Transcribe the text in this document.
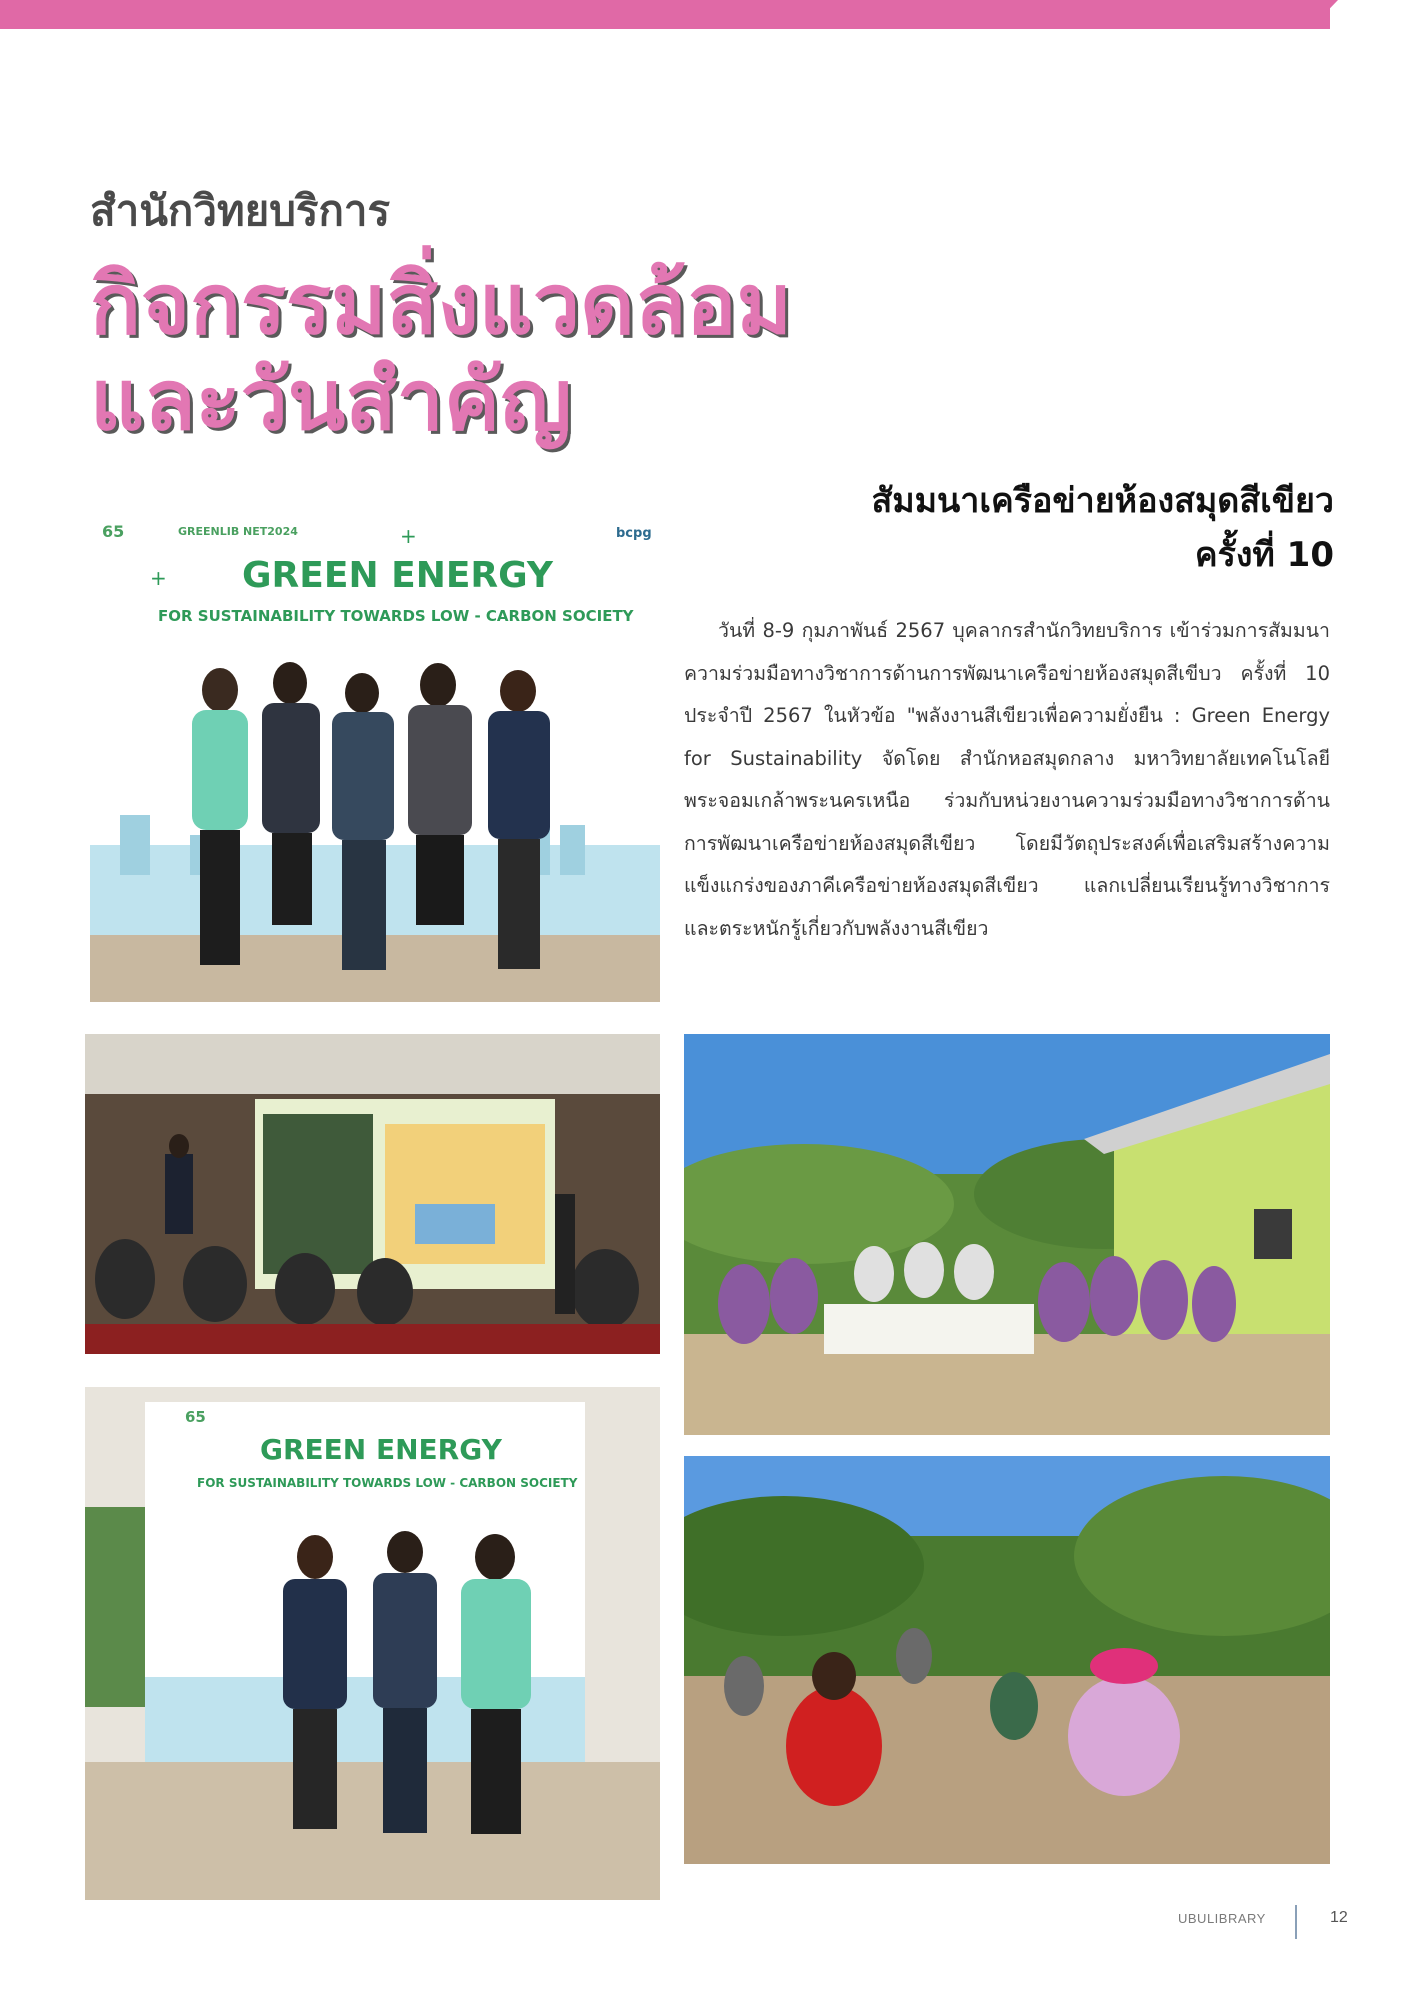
สำนักวิทยบริการ
กิจกรรมสิ่งแวดล้อม
และวันสำคัญ
สัมมนาเครือข่ายห้องสมุดสีเขียว
ครั้งที่ 10
วันที่ 8-9 กุมภาพันธ์ 2567 บุคลากรสำนักวิทยบริการ เข้าร่วมการสัมมนาความร่วมมือทางวิชาการด้านการพัฒนาเครือข่ายห้องสมุดสีเขีบว ครั้งที่ 10 ประจำปี 2567 ในหัวข้อ "พลังงานสีเขียวเพื่อความยั่งยืน : Green Energy for Sustainability จัดโดย สำนักหอสมุดกลาง มหาวิทยาลัยเทคโนโลยีพระจอมเกล้าพระนครเหนือ ร่วมกับหน่วยงานความร่วมมือทางวิชาการด้านการพัฒนาเครือข่ายห้องสมุดสีเขียว โดยมีวัตถุประสงค์เพื่อเสริมสร้างความแข็งแกร่งของภาคีเครือข่ายห้องสมุดสีเขียว แลกเปลี่ยนเรียนรู้ทางวิชาการ และตระหนักรู้เกี่ยวกับพลังงานสีเขียว
65	GREENLIB NET2024	bcpg
GREEN ENERGY
FOR SUSTAINABILITY TOWARDS LOW - CARBON SOCIETY
+
+
65
GREEN ENERGY
FOR SUSTAINABILITY TOWARDS LOW - CARBON SOCIETY
UBULIBRARY	12
